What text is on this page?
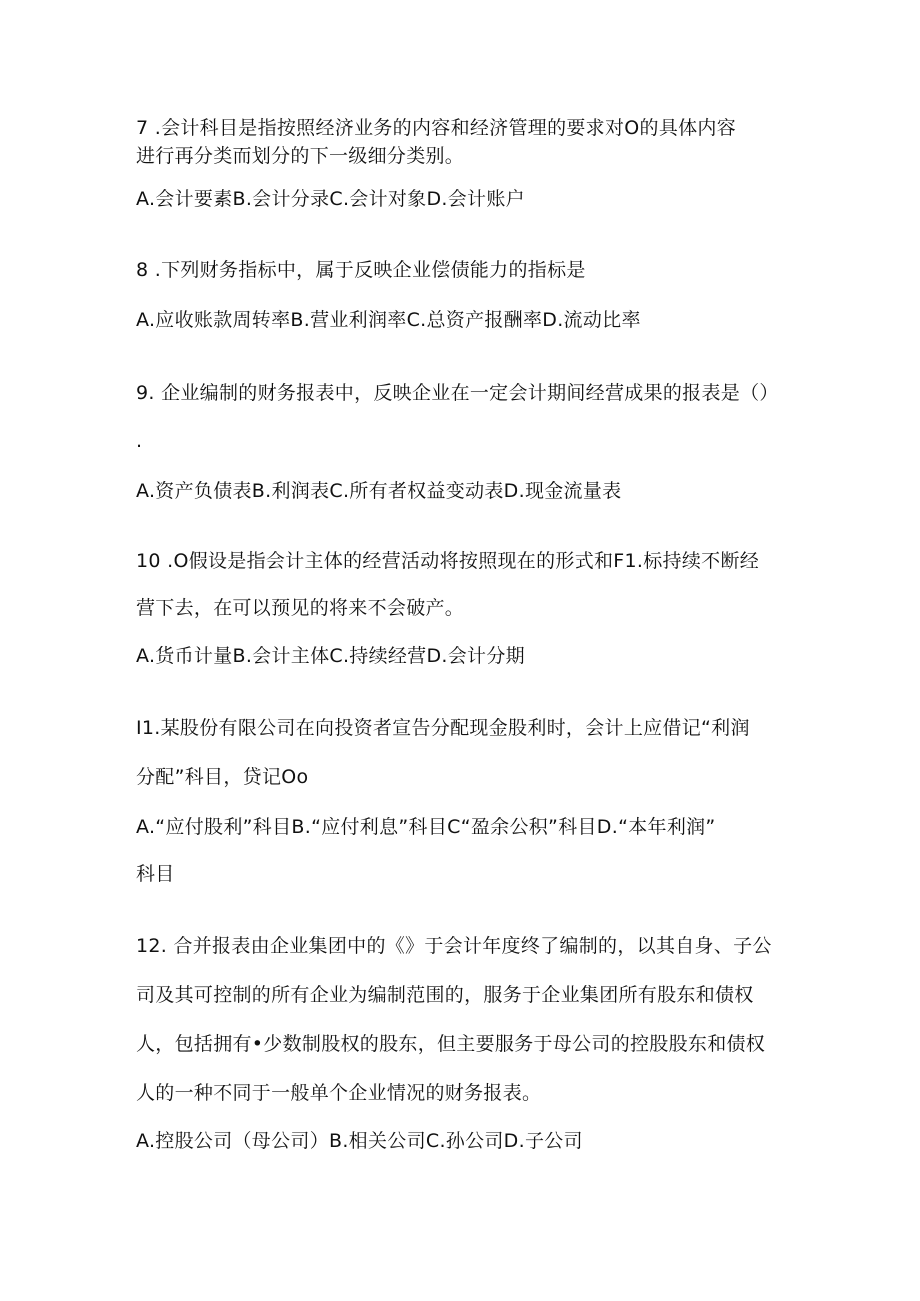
7 .会计科目是指按照经济业务的内容和经济管理的要求对O的具体内容
进行再分类而划分的下一级细分类别。
A.会计要素B.会计分录C.会计对象D.会计账户
8 .下列财务指标中，属于反映企业偿债能力的指标是
A.应收账款周转率B.营业利润率C.总资产报酬率D.流动比率
9. 企业编制的财务报表中，反映企业在一定会计期间经营成果的报表是（）
.
A.资产负债表B.利润表C.所有者权益变动表D.现金流量表
10 .O假设是指会计主体的经营活动将按照现在的形式和F1.标持续不断经
营下去，在可以预见的将来不会破产。
A.货币计量B.会计主体C.持续经营D.会计分期
I1.某股份有限公司在向投资者宣告分配现金股利时，会计上应借记“利润
分配”科目，贷记Oo
A.“应付股利”科目B.“应付利息”科目C“盈余公积”科目D.“本年利润”
科目
12. 合并报表由企业集团中的《》于会计年度终了编制的，以其自身、子公
司及其可控制的所有企业为编制范围的，服务于企业集团所有股东和债权
人，包括拥有•少数制股权的股东，但主要服务于母公司的控股股东和债权
人的一种不同于一般单个企业情况的财务报表。
A.控股公司（母公司）B.相关公司C.孙公司D.子公司
